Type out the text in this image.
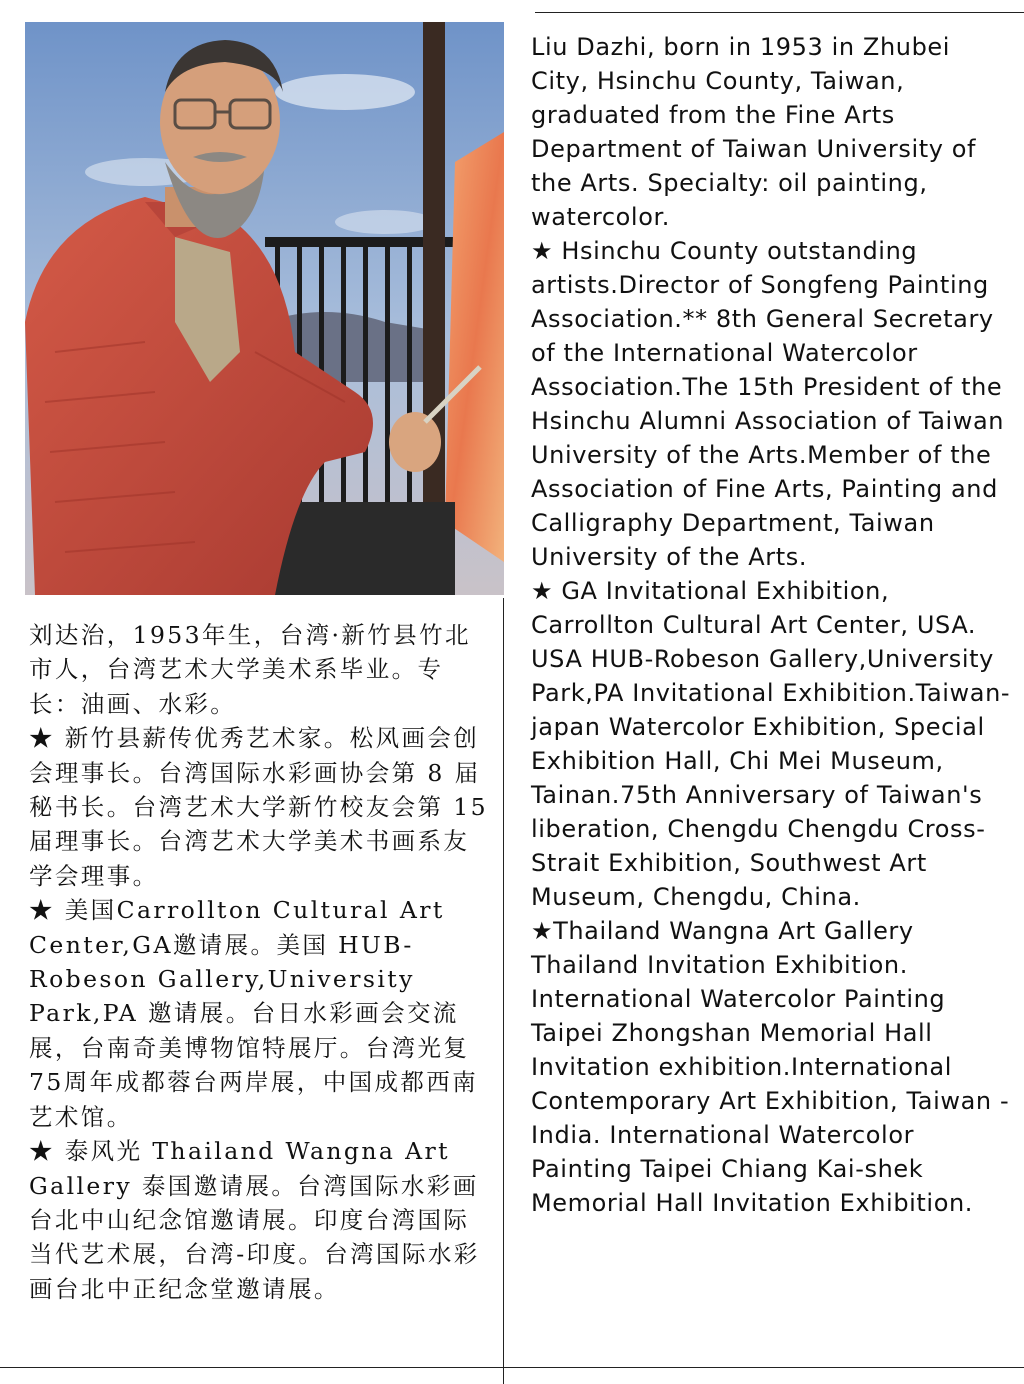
Liu Dazhi, born in 1953 in Zhubei City, Hsinchu County, Taiwan, graduated from the Fine Arts Department of Taiwan University of the Arts. Specialty: oil painting, watercolor.

★ Hsinchu County outstanding artists.Director of Songfeng Painting Association.** 8th General Secretary of the International Watercolor Association.The 15th President of the Hsinchu Alumni Association of Taiwan University of the Arts.Member of the Association of Fine Arts, Painting and Calligraphy Department, Taiwan University of the Arts.

★ GA Invitational Exhibition, Carrollton Cultural Art Center, USA. USA HUB-Robeson Gallery,University Park,PA Invitational Exhibition.Taiwan-japan Watercolor Exhibition, Special Exhibition Hall, Chi Mei Museum, Tainan.75th Anniversary of Taiwan's liberation, Chengdu Chengdu Cross-Strait Exhibition, Southwest Art Museum, Chengdu, China.

★Thailand Wangna Art Gallery Thailand Invitation Exhibition. International Watercolor Painting Taipei Zhongshan Memorial Hall Invitation exhibition.International Contemporary Art Exhibition, Taiwan - India. International Watercolor Painting Taipei Chiang Kai-shek Memorial Hall Invitation Exhibition.

刘达治，1953年生，台湾·新竹县竹北市人，台湾艺术大学美术系毕业。专长：油画、水彩。

★ 新竹县薪传优秀艺术家。松风画会创会理事长。台湾国际水彩画协会第 8 届秘书长。台湾艺术大学新竹校友会第 15届理事长。台湾艺术大学美术书画系友学会理事。

★ 美国Carrollton Cultural Art Center,GA邀请展。美国 HUB-Robeson Gallery,University Park,PA 邀请展。台日水彩画会交流展，台南奇美博物馆特展厅。台湾光复75周年成都蓉台两岸展，中国成都西南艺术馆。

★ 泰风光 Thailand Wangna Art Gallery 泰国邀请展。台湾国际水彩画台北中山纪念馆邀请展。印度台湾国际当代艺术展，台湾-印度。台湾国际水彩画台北中正纪念堂邀请展。
